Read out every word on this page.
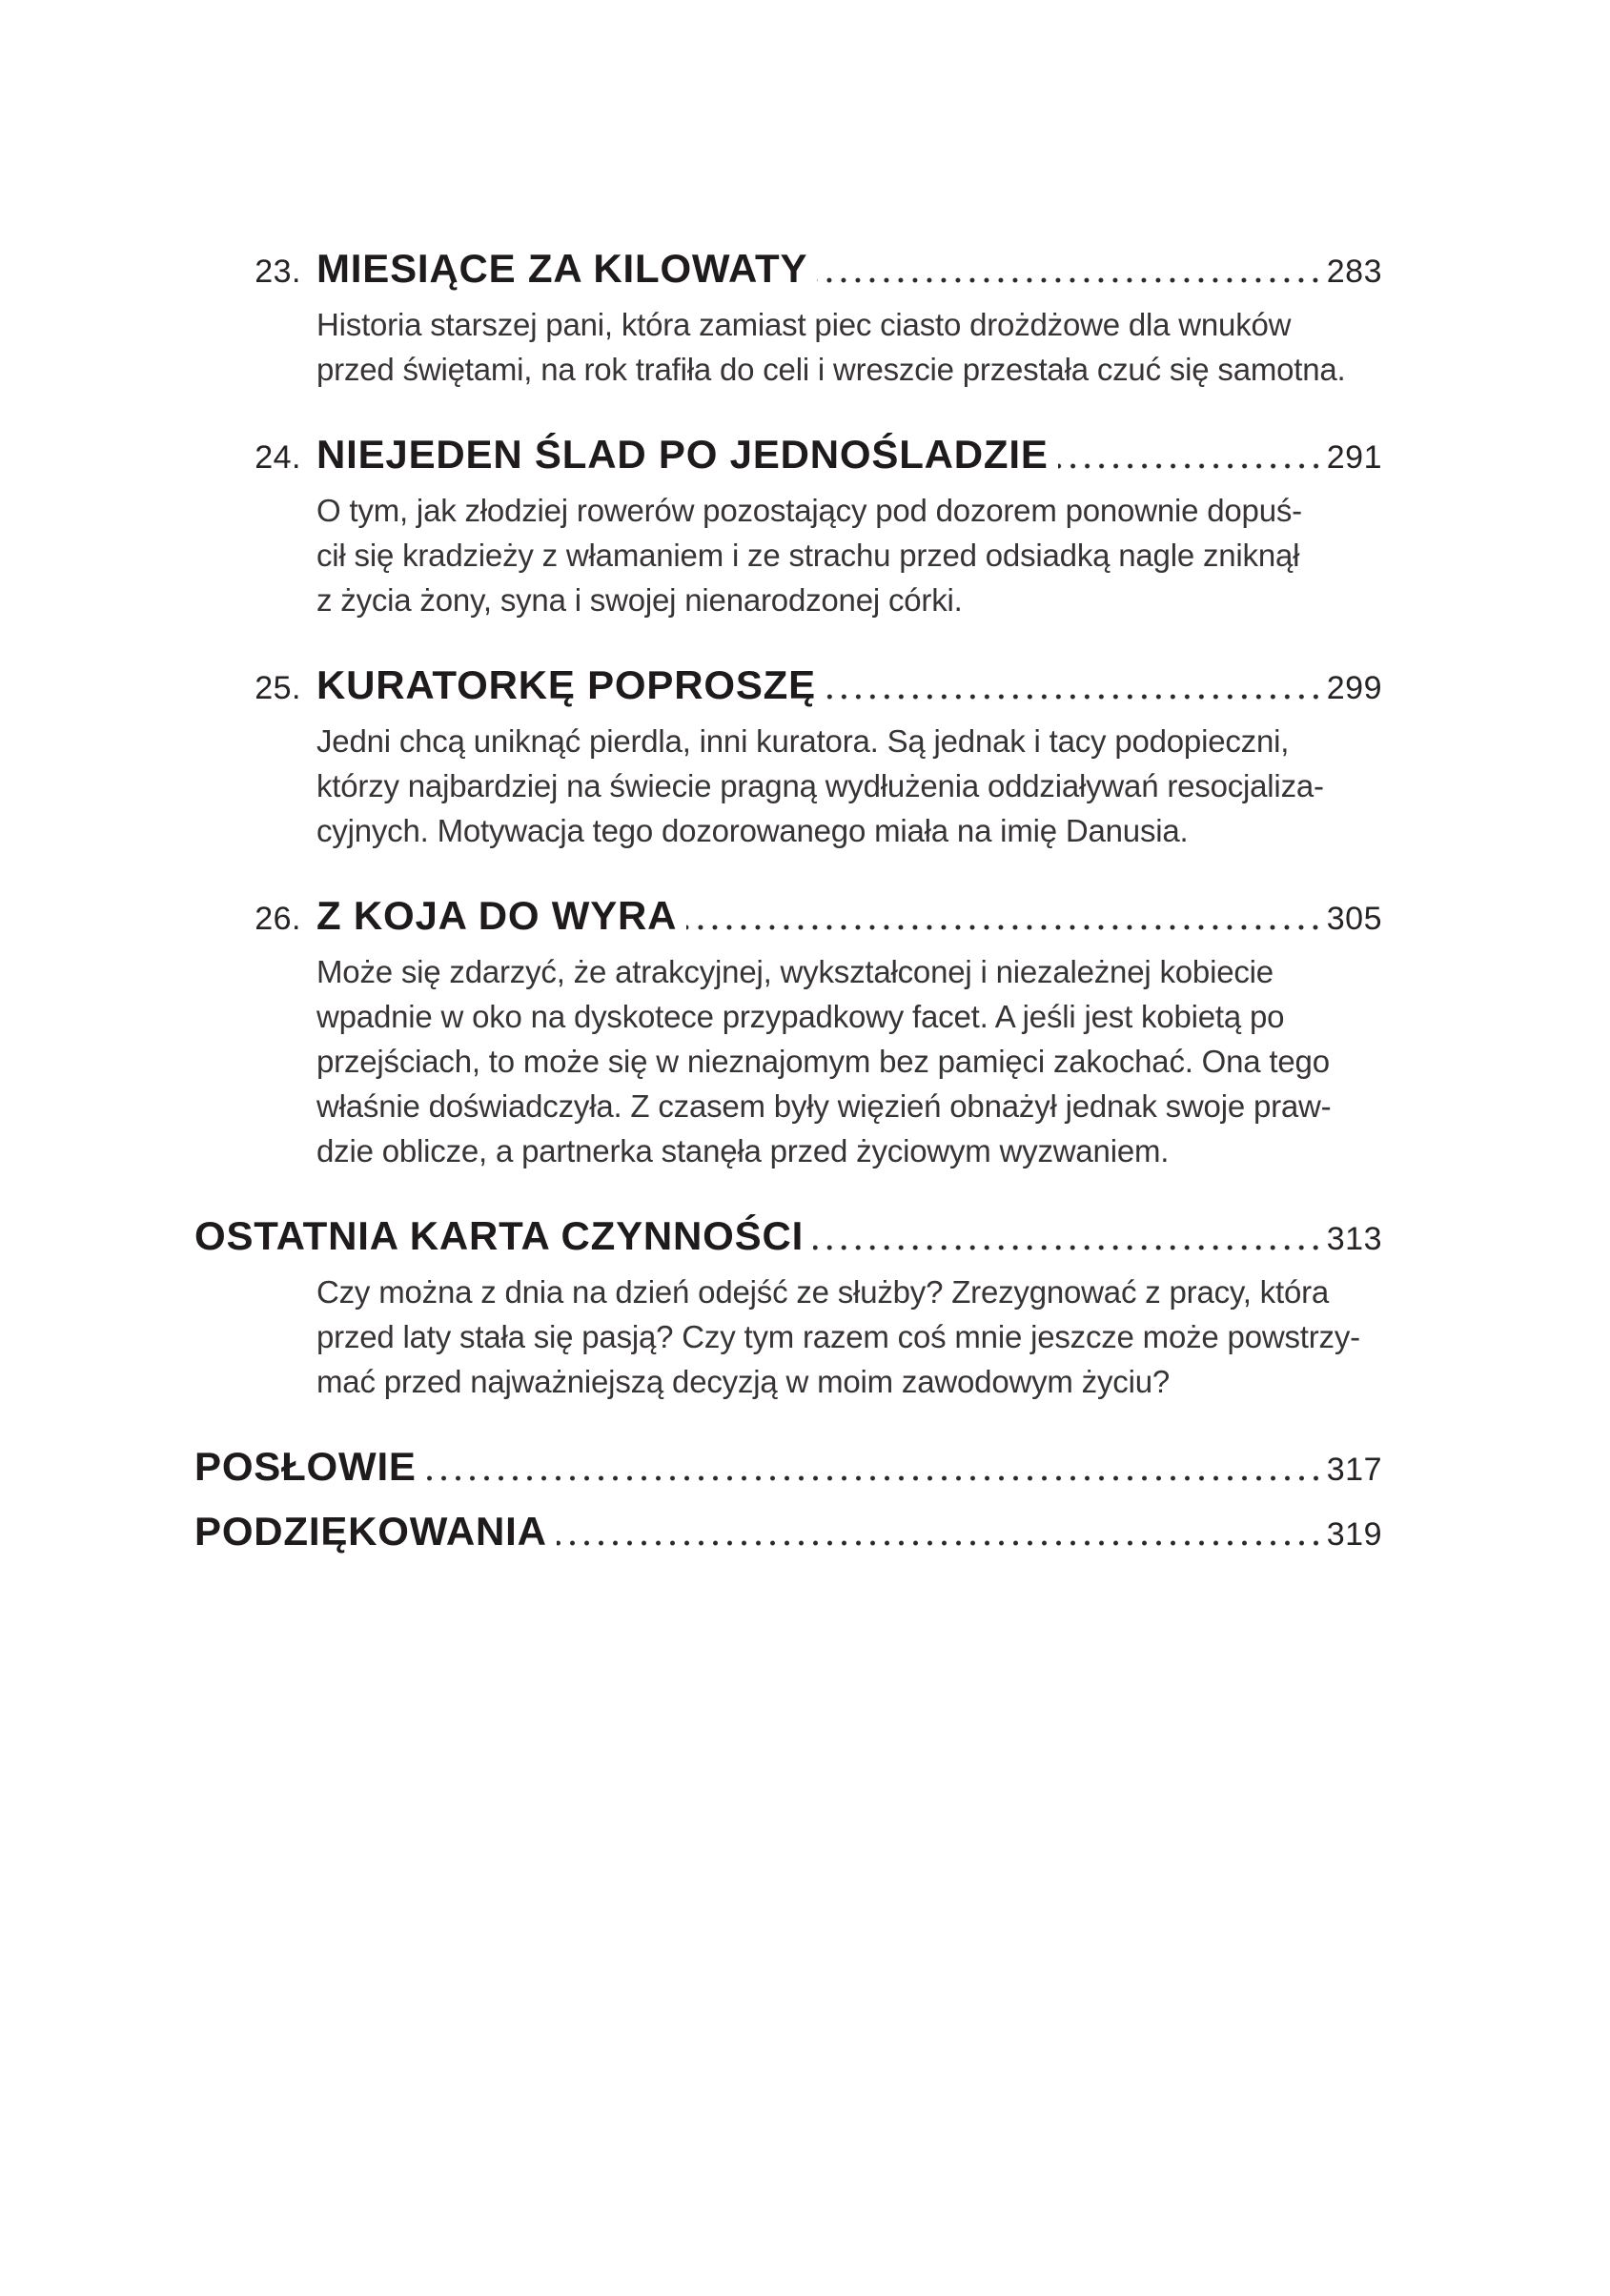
23. MIESIĄCE ZA KILOWATY	283
Historia starszej pani, która zamiast piec ciasto drożdżowe dla wnuków
przed świętami, na rok trafiła do celi i wreszcie przestała czuć się samotna.
24. NIEJEDEN ŚLAD PO JEDNOŚLADZIE	291
O tym, jak złodziej rowerów pozostający pod dozorem ponownie dopuś-
cił się kradzieży z włamaniem i ze strachu przed odsiadką nagle zniknął
z życia żony, syna i swojej nienarodzonej córki.
25. KURATORKĘ POPROSZĘ	299
Jedni chcą uniknąć pierdla, inni kuratora. Są jednak i tacy podopieczni,
którzy najbardziej na świecie pragną wydłużenia oddziaływań resocjaliza-
cyjnych. Motywacja tego dozorowanego miała na imię Danusia.
26. Z KOJA DO WYRA	305
Może się zdarzyć, że atrakcyjnej, wykształconej i niezależnej kobiecie
wpadnie w oko na dyskotece przypadkowy facet. A jeśli jest kobietą po
przejściach, to może się w nieznajomym bez pamięci zakochać. Ona tego
właśnie doświadczyła. Z czasem były więzień obnażył jednak swoje praw-
dzie oblicze, a partnerka stanęła przed życiowym wyzwaniem.
OSTATNIA KARTA CZYNNOŚCI	313
Czy można z dnia na dzień odejść ze służby? Zrezygnować z pracy, która
przed laty stała się pasją? Czy tym razem coś mnie jeszcze może powstrzy-
mać przed najważniejszą decyzją w moim zawodowym życiu?
POSŁOWIE	317
PODZIĘKOWANIA	319
